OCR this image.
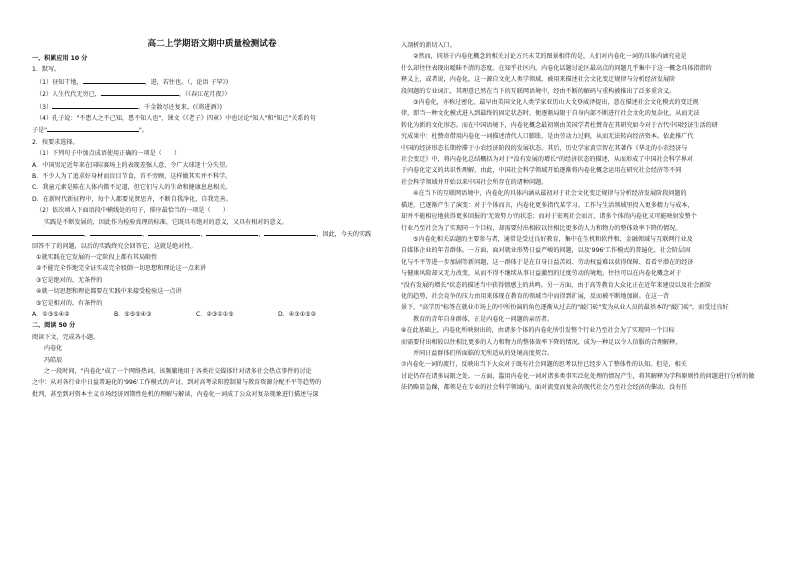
高二上学期语文期中质量检测试卷
一、积累应用 10 分
1．默写。
（1）昼知干地，	，进，若往也。（，论语 子罕》)
（2）人生代代无穷已，	。（《春江花月夜》）
（3）	，千金散尽还复来。(《将进酒》)
（4）孔子说："不患人之不己知，患不知人也"，课文《《老子》四章》中也讨论"知人"和"知己"关系的句
子是"	"。
2．按要求选择。
（1）下列句子中加点成语使用正确的一项是（　　）
A．中国男足近年来在国际赛场上的表现差强人意，令广大球迷十分失望。
B．不少人为了追求好身材而盲目节食，首不旁顾，这样做其实并不科学。
C．我童元素是陈在人体内微不足道，但它们与人的生命和健康息息相关。
D．在新时代新征程中，每个人都要见贤思齐，不断自我净化、自我完善。
（2）依次填入下面语段中横线处的句子，排序最恰当的一项是（　　）
实践是不断发展的，因此作为检验真理的标准，它既具有绝对的意义，又具有相对的意义。
，	，	，	，	，因此，今天的实践
回答不了的问题，以后的实践终究会回答它，这就是绝对性。
①就实践在它发展的一定阶段上都有其局限性
②不能完全作地完全证实或完全驳倒一切思想和理论这一点来讲
③它是绝对的、无条件的
④就一切思想和理论都要在实践中来接受检验这一点讲
⑤它是相对的、有条件的
A．①③⑤④②	B．⑤⑤⑤④③	C．②③①①⑤	D．④③①⑤②
二、阅读 50 分
阅读下文，完成各小题。
内卷化
冯皓辰
之一段时间，"内卷化"成了一个网络热词，该频繁地用于各类社交媒体针对诸多社会热点事件的讨论
之中：从对各行业中日益普遍化的'996'工作模式的声讨，到对高考录阳控制量与教育资源分配不平等趋势的
批判，甚至到对资本主义市场经济周期性危机的理解与解读，内卷化一词成了公众对复杂现象进行描述与深
入剖析的新切入口。
②然而，同基于内卷化概念的相关讨论方兴未艾的图景相伴的是，人们对内卷化一词的具体内涵究竟是
什么却往往表现出暧昧不清的态度。在知乎社区内，内卷化话题讨论区最高点的问题几乎集中于这一概念具体指指的
释义上，或者说，内卷化，这一源自文化人类学领域，被用来描述社会文化变迁规律与分析经济发展阶
段问题的专业词汇，其理意已然在当下的互联网语境中，经由不断的解码与重构被推出了泛多重含义。
③内卷化，亦称过密化，最早由美国文化人类学家亚历山大戈登威泽提出，意在描述社会文化模式的变迁规
律，即当一种文化模式进入到最终的固定状态时，便逐渐局限于自身内部不断进行社会文化的复杂化，从而无法
转化为新的文化形态。而在中国语境下，内卷化概念最初则由美国学者杜赞奇在其研究如今对于古代中国经济生活的研
究成果中：杜赞奇借用内卷化一词描述清代人口膨胀，是由劳动力过剩，从而无法转向经济资本。依此推广代
中国的经济形态长期停滞于小农经济阶段的发展状态。其后，历史学家黄宗智在其著作《华北的小农经济与
社会变迁》中，将内卷化总结概括为对于"没有发展的增长"的经济状态的描述，从而形成了中国社会科学界对
于内卷化定义的共识性理解。由此，中国社会科学领域开始逐渐将内卷化概念运用在研究社会经济等不同
社会科学领域并开始以来中国社会所存在的诸种问题。
④在当下的互联网语境中，内卷化的具体内涵从最初对于社会文化变迁规律与分析经济发展阶段问题的
描述，已逐渐产生了演变：对于个体而言，内卷化更多指代某学习、工作与生活领域里投入更多精力与成本，
却并不能相应地获得更多回报的'无效努力'的状态；而对于宏观社会而言，诸多个体的内卷化又可能映射发整个
行业乃至社会为了实现同一个目标，却需要付出相较以往相比更多的人力和物力的整体效率下降的情况。
⑤内卷化相关话题的主要参与者，通常是受过良好教育，集中在生机和软件和、金融领域与互联网行业及
自媒体企业的年青群体。一方面，面对就业形势日益严峻的问题，以及'996'工作模式的普遍化、社会阶层固
化与不平等进一步加剧等新问题，这一群体于是在自身日益苦闷、劳动权益难以获得保障、看看平潜在的经济
与健康风险却又无力改变，从而不得不继续从事日益激烈的过度劳动的境地，往往可以在内卷化概念对于
"没有发展的增长"状态的描述当中获得情感上的共鸣。另一方面，由于高等教育大众化正在近年来建设以及社会新阶
化的趋势，社会竞争的压力由用来体现在教育的领域当中而得到扩展，反而被不断地加剧。在这一背
景下，"高学历"标签在就业市场上的中所扮演的角色逐渐从过去的"敲门砖"变为从业人员的最基本的"敲门砖"，而受过良好
教育的青年自身群体，正是内卷化一问题的亲历者。
⑥在此基础上，内卷化所映射出的，由诸多个体的内卷化所引发整个行业乃至社会为了实现同一个目标
而需要付出相较以往相比更多的人力和物力的整体效率下降的情况，成为一种足以令人信服的合理解释，
并同日益群体们所面临的无所适从的处境高度契合。
⑦内卷化一词的流行，反映出当下大众对于既有社会问题的思考以往已经步入了整体性的认知。但是，相关
讨论仍存在诸多局限之处。一方面，滥用内卷化一词对诸多类事实泛化处理的情况产生，将其解释为学科原则性的问题进行分析的做
法仍略显急躁，都领是在专业的社会科学领域内，面对流变而复杂的现代社会乃至社会经济的催动，没有任
